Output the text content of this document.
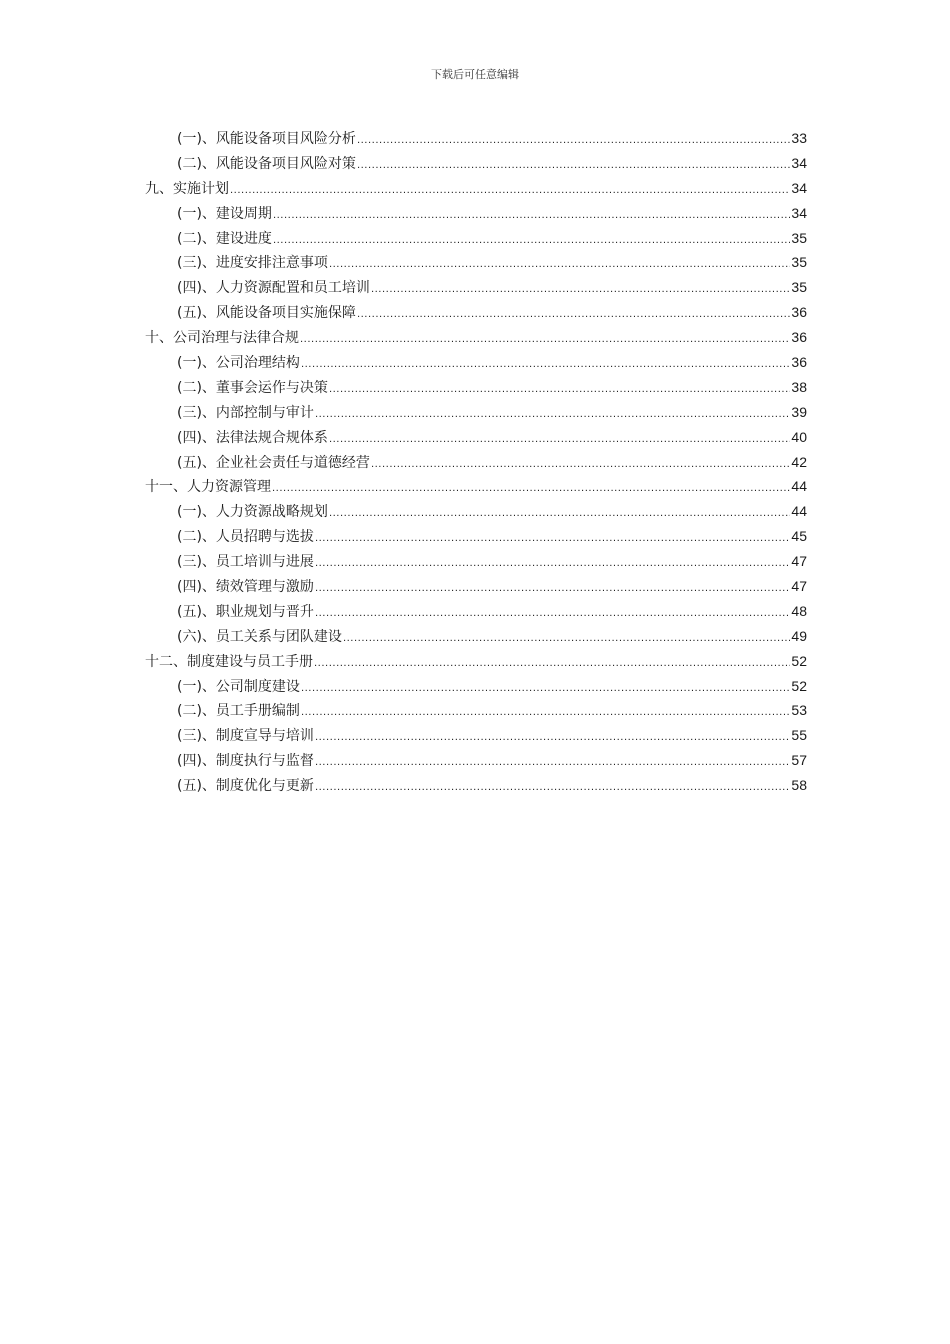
下载后可任意编辑
(一)、风能设备项目风险分析 .....	33
(二)、风能设备项目风险对策 .....	34
九、实施计划 .....	34
(一)、建设周期 .....	34
(二)、建设进度 .....	35
(三)、进度安排注意事项 .....	35
(四)、人力资源配置和员工培训 .....	35
(五)、风能设备项目实施保障 .....	36
十、公司治理与法律合规 .....	36
(一)、公司治理结构 .....	36
(二)、董事会运作与决策 .....	38
(三)、内部控制与审计 .....	39
(四)、法律法规合规体系 .....	40
(五)、企业社会责任与道德经营 .....	42
十一、人力资源管理 .....	44
(一)、人力资源战略规划 .....	44
(二)、人员招聘与选拔 .....	45
(三)、员工培训与进展 .....	47
(四)、绩效管理与激励 .....	47
(五)、职业规划与晋升 .....	48
(六)、员工关系与团队建设 .....	49
十二、制度建设与员工手册 .....	52
(一)、公司制度建设 .....	52
(二)、员工手册编制 .....	53
(三)、制度宣导与培训 .....	55
(四)、制度执行与监督 .....	57
(五)、制度优化与更新 .....	58
